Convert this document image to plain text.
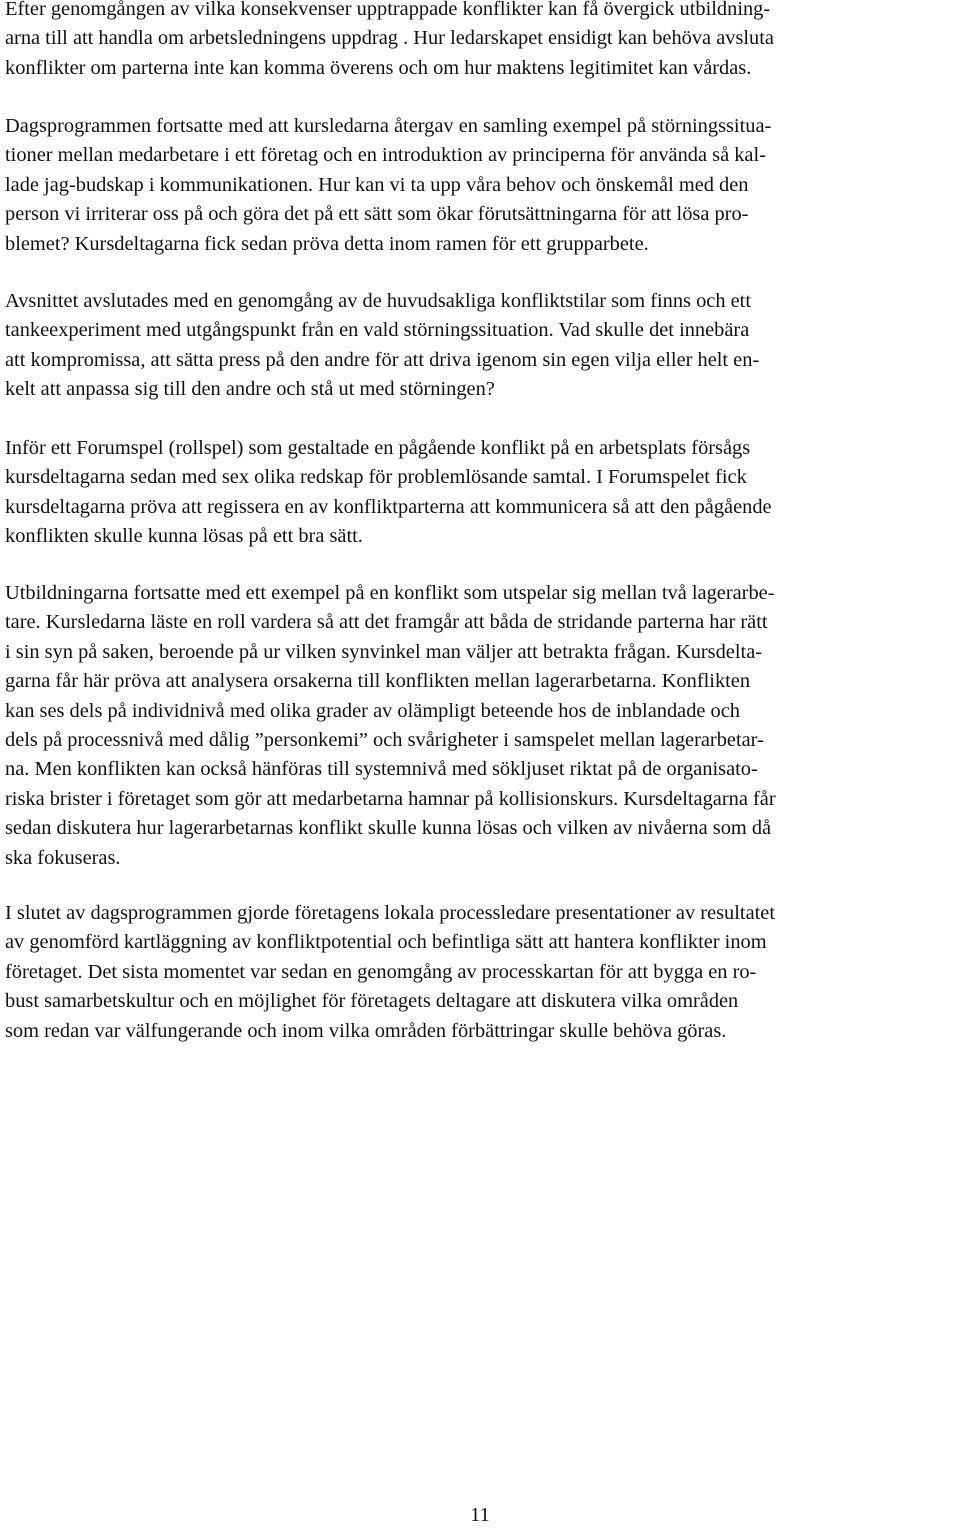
Efter genomgången av vilka konsekvenser upptrappade konflikter kan få övergick utbildning-
arna till att handla om arbetsledningens uppdrag . Hur ledarskapet ensidigt kan behöva avsluta
konflikter om parterna inte kan komma överens och om hur maktens legitimitet kan vårdas.

Dagsprogrammen fortsatte med att kursledarna återgav en samling exempel på störningssitua-
tioner mellan medarbetare i ett företag och en introduktion av principerna för använda så kal-
lade jag-budskap i kommunikationen. Hur kan vi ta upp våra behov och önskemål med den
person vi irriterar oss på och göra det på ett sätt som ökar förutsättningarna för att lösa pro-
blemet? Kursdeltagarna fick sedan pröva detta inom ramen för ett grupparbete.

Avsnittet avslutades med en genomgång av de huvudsakliga konfliktstilar som finns och ett
tankeexperiment med utgångspunkt från en vald störningssituation. Vad skulle det innebära
att kompromissa, att sätta press på den andre för att driva igenom sin egen vilja eller helt en-
kelt att anpassa sig till den andre och stå ut med störningen?

Inför ett Forumspel (rollspel) som gestaltade en pågående konflikt på en arbetsplats försågs
kursdeltagarna sedan med sex olika redskap för problemlösande samtal. I Forumspelet fick
kursdeltagarna pröva att regissera en av konfliktparterna att kommunicera så att den pågående
konflikten skulle kunna lösas på ett bra sätt.

Utbildningarna fortsatte med ett exempel på en konflikt som utspelar sig mellan två lagerarbe-
tare. Kursledarna läste en roll vardera så att det framgår att båda de stridande parterna har rätt
i sin syn på saken, beroende på ur vilken synvinkel man väljer att betrakta frågan. Kursdelta-
garna får här pröva att analysera orsakerna till konflikten mellan lagerarbetarna. Konflikten
kan ses dels på individnivå med olika grader av olämpligt beteende hos de inblandade och
dels på processnivå med dålig ”personkemi” och svårigheter i samspelet mellan lagerarbetar-
na. Men konflikten kan också hänföras till systemnivå med sökljuset riktat på de organisato-
riska brister i företaget som gör att medarbetarna hamnar på kollisionskurs. Kursdeltagarna får
sedan diskutera hur lagerarbetarnas konflikt skulle kunna lösas och vilken av nivåerna som då
ska fokuseras.

I slutet av dagsprogrammen gjorde företagens lokala processledare presentationer av resultatet
av genomförd kartläggning av konfliktpotential och befintliga sätt att hantera konflikter inom
företaget. Det sista momentet var sedan en genomgång av processkartan för att bygga en ro-
bust samarbetskultur och en möjlighet för företagets deltagare att diskutera vilka områden
som redan var välfungerande och inom vilka områden förbättringar skulle behöva göras.

11
